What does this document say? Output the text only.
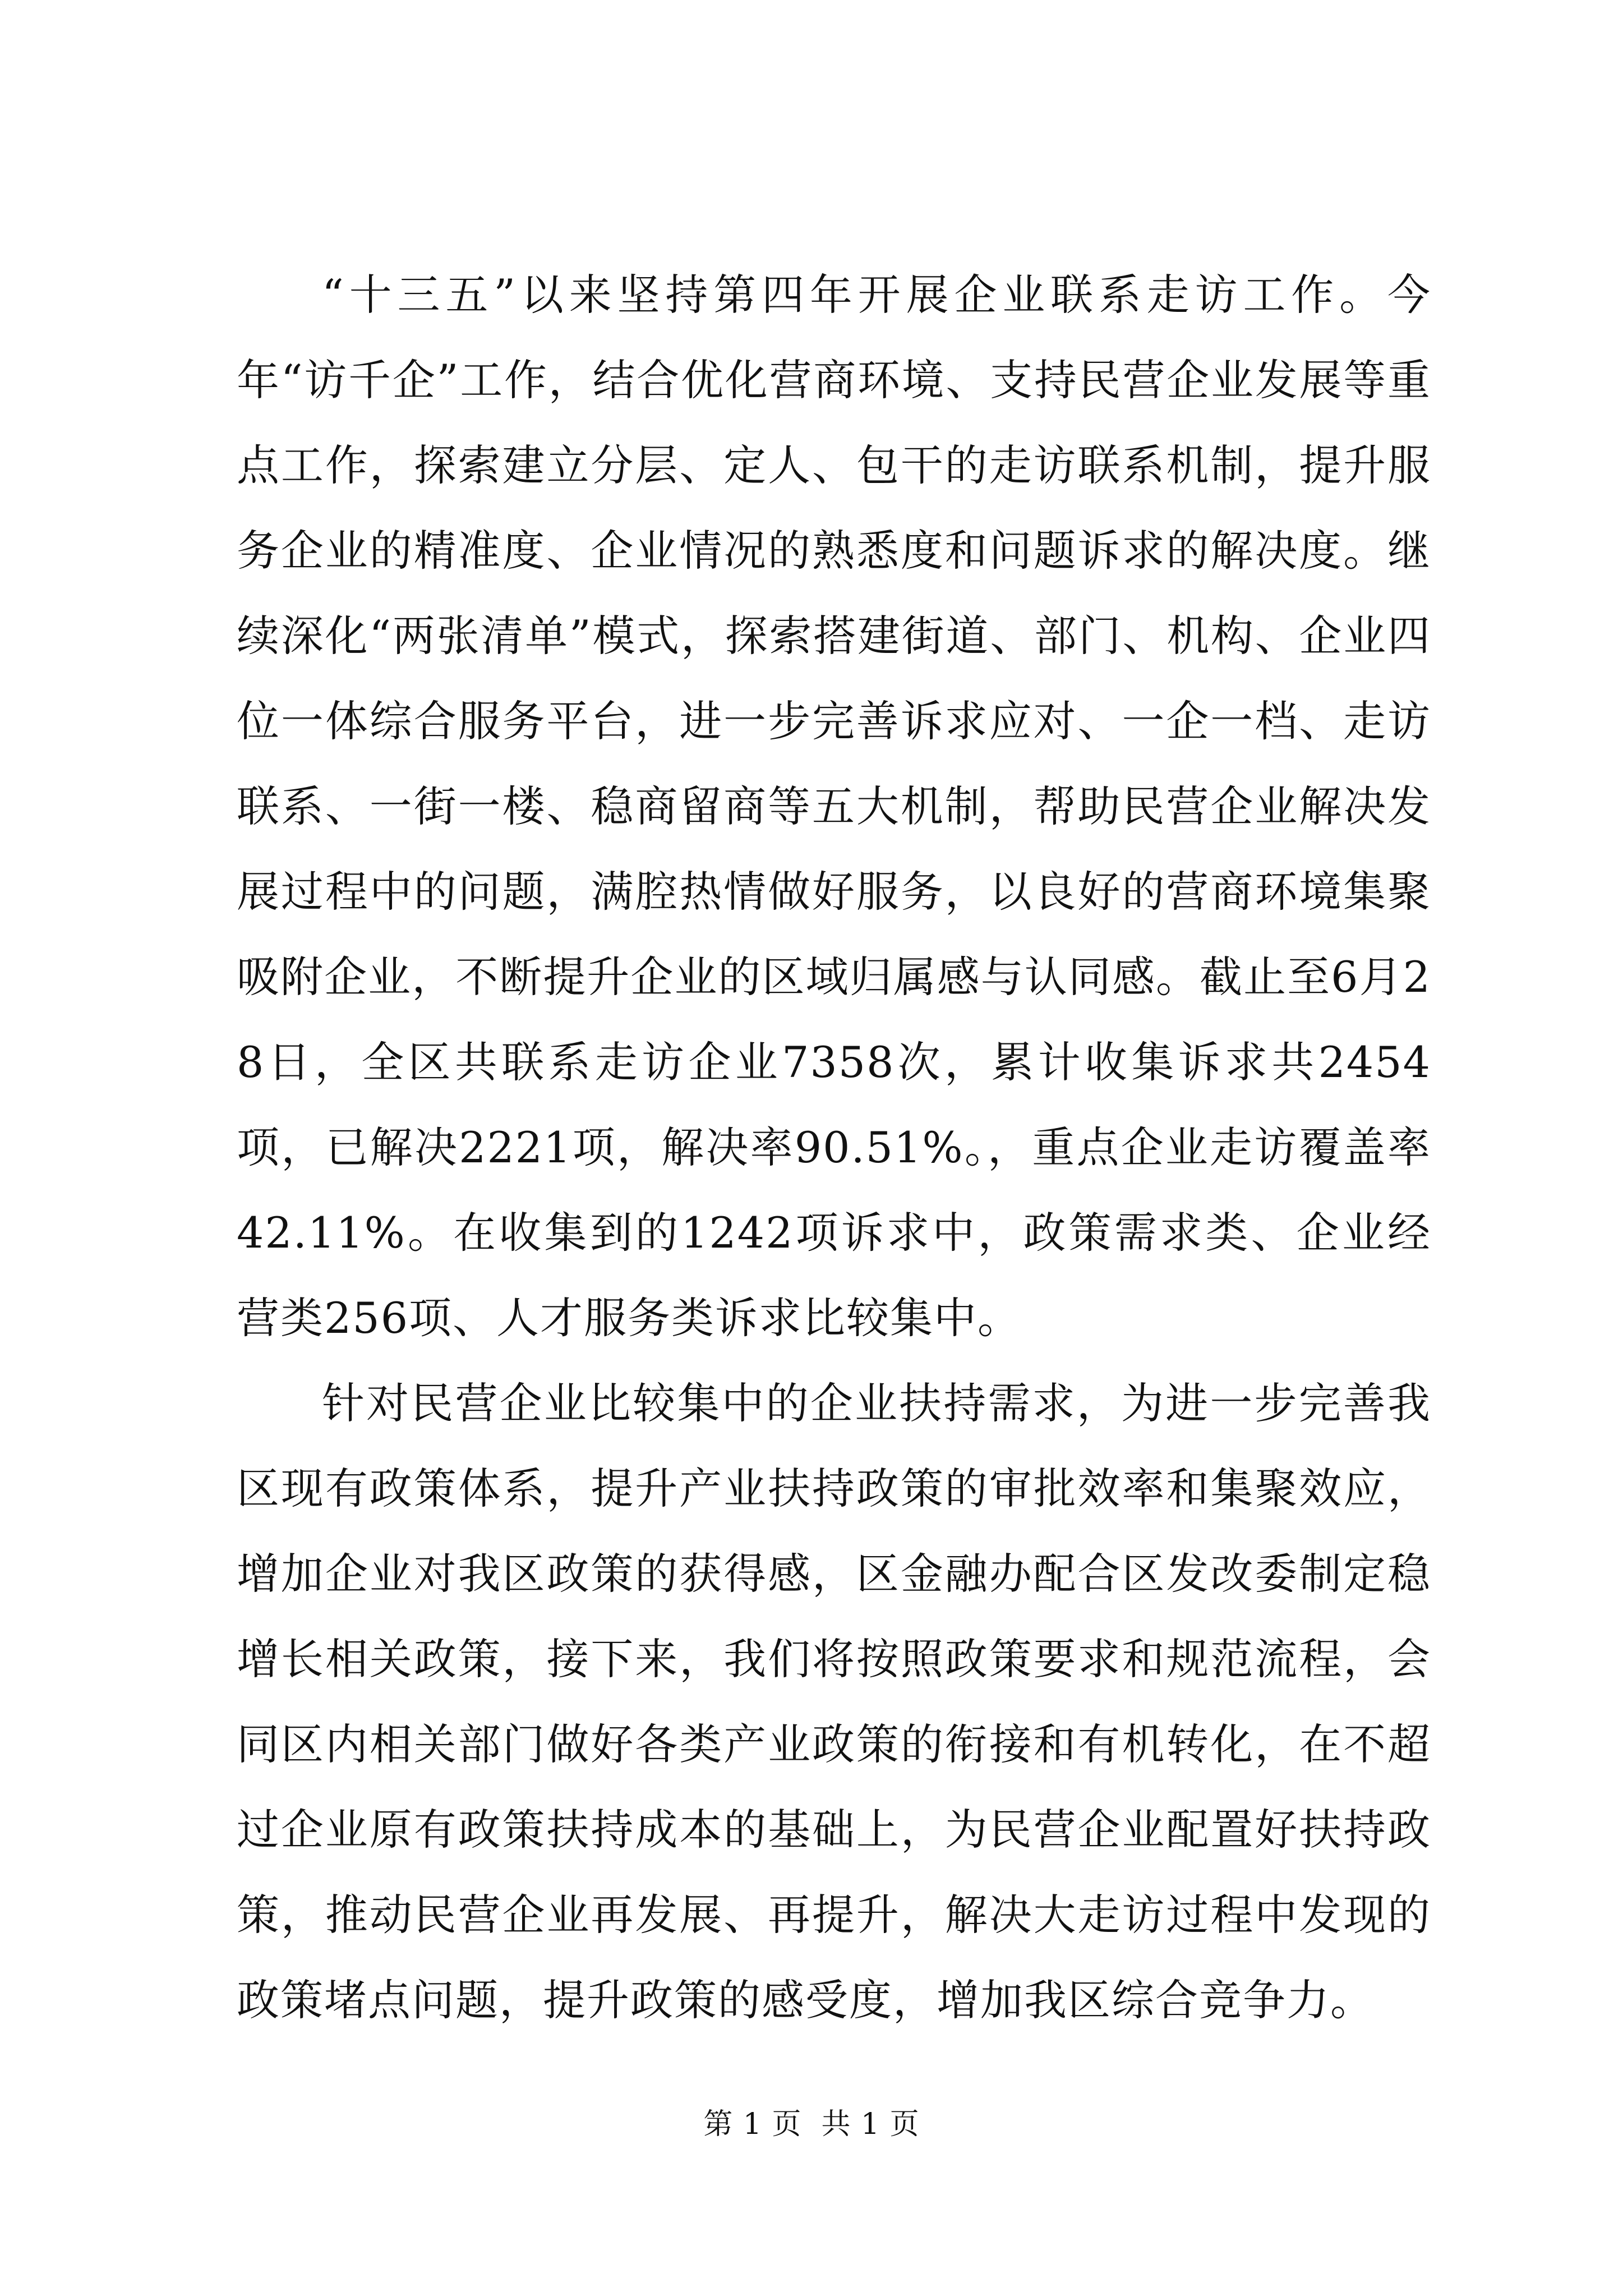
“十三五”以来坚持第四年开展企业联系走访工作。今年“访千企”工作，结合优化营商环境、支持民营企业发展等重点工作，探索建立分层、定人、包干的走访联系机制，提升服务企业的精准度、企业情况的熟悉度和问题诉求的解决度。继续深化“两张清单”模式，探索搭建街道、部门、机构、企业四位一体综合服务平台，进一步完善诉求应对、一企一档、走访联系、一街一楼、稳商留商等五大机制，帮助民营企业解决发展过程中的问题，满腔热情做好服务，以良好的营商环境集聚吸附企业，不断提升企业的区域归属感与认同感。截止至6月28日，全区共联系走访企业7358次，累计收集诉求共2454项，已解决2221项，解决率90.51%。，重点企业走访覆盖率42.11%。在收集到的1242项诉求中，政策需求类、企业经营类256项、人才服务类诉求比较集中。

针对民营企业比较集中的企业扶持需求，为进一步完善我区现有政策体系，提升产业扶持政策的审批效率和集聚效应，增加企业对我区政策的获得感，区金融办配合区发改委制定稳增长相关政策，接下来，我们将按照政策要求和规范流程，会同区内相关部门做好各类产业政策的衔接和有机转化，在不超过企业原有政策扶持成本的基础上，为民营企业配置好扶持政策，推动民营企业再发展、再提升，解决大走访过程中发现的政策堵点问题，提升政策的感受度，增加我区综合竞争力。

第 1 页  共 1 页
